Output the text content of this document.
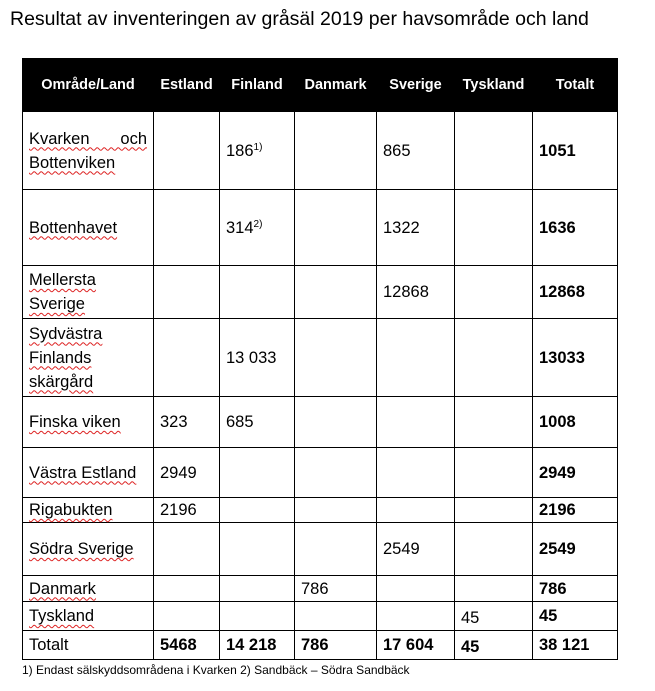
Resultat av inventeringen av gråsäl 2019 per havsområde och land
Område/Land	Estland	Finland	Danmark	Sverige	Tyskland	Totalt

Kvarken och Bottenviken		186$^{1)}$		865		1051
Bottenhavet		314$^{2)}$		1322		1636
Mellersta Sverige				12868		12868
Sydvästra Finlands skärgård		13 033				13033
Finska viken	323	685				1008
Västra Estland	2949					2949
Rigabukten	2196					2196
Södra Sverige				2549		2549
Danmark			786			786
Tyskland					45	45
Totalt	5468	14 218	786	17 604	45	38 121
1) Endast sälskyddsområdena i Kvarken 2) Sandbäck – Södra Sandbäck
